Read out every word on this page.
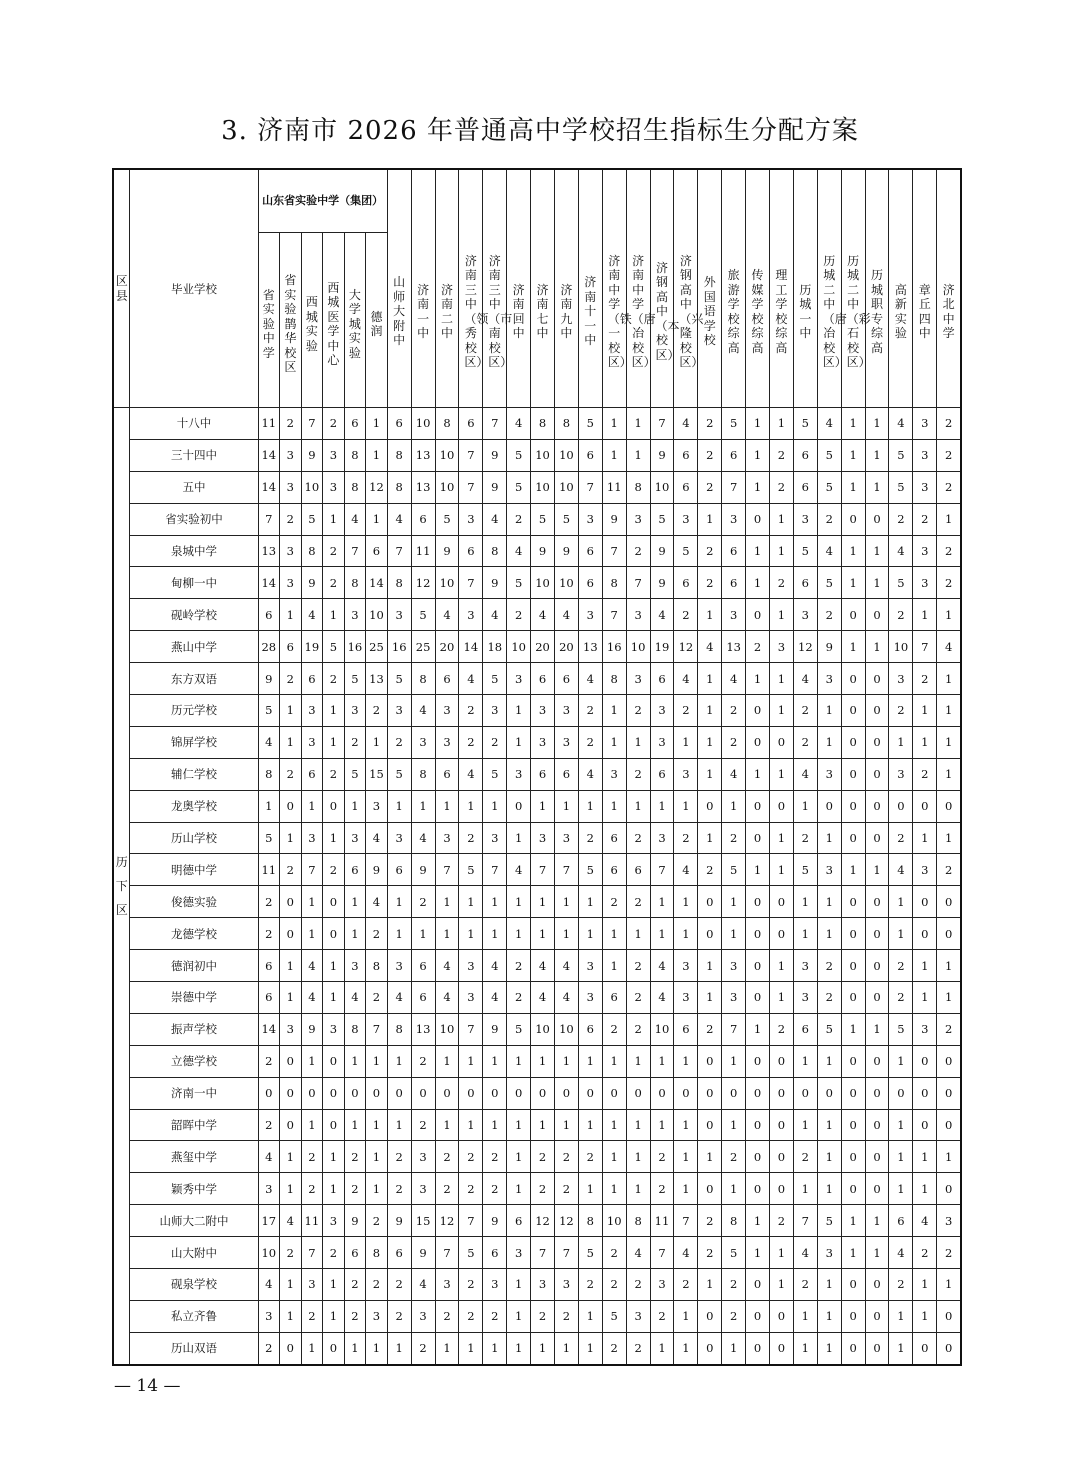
3. 济南市 2026 年普通高中学校招生指标生分配方案
区县	毕业学校	山东省实验中学（集团）						山师大附中	济南一中	济南二中	济南三中（领秀校区）	济南三中（市南校区）	济南回中	济南七中	济南九中	济南十一中	济南中学（铁一校区）	济南中学（唐冶校区）	济钢高中（本校区）	济钢高中（兴隆校区）	外国语学校	旅游学校综高	传媒学校综高	理工学校综高	历城一中	历城二中（唐冶校区）	历城二中（彩石校区）	历城职专综高	高新实验	章丘四中	济北中学
		省实验中学	省实验鹊华校区	西城实验	西城医学中心	大学城实验	德润																								
历下区	十八中	11	2	7	2	6	1	6	10	8	6	7	4	8	8	5	1	1	7	4	2	5	1	1	5	4	1	1	4	3	2
	三十四中	14	3	9	3	8	1	8	13	10	7	9	5	10	10	6	1	1	9	6	2	6	1	2	6	5	1	1	5	3	2
	五中	14	3	10	3	8	12	8	13	10	7	9	5	10	10	7	11	8	10	6	2	7	1	2	6	5	1	1	5	3	2
	省实验初中	7	2	5	1	4	1	4	6	5	3	4	2	5	5	3	9	3	5	3	1	3	0	1	3	2	0	0	2	2	1
	泉城中学	13	3	8	2	7	6	7	11	9	6	8	4	9	9	6	7	2	9	5	2	6	1	1	5	4	1	1	4	3	2
	甸柳一中	14	3	9	2	8	14	8	12	10	7	9	5	10	10	6	8	7	9	6	2	6	1	2	6	5	1	1	5	3	2
	砚岭学校	6	1	4	1	3	10	3	5	4	3	4	2	4	4	3	7	3	4	2	1	3	0	1	3	2	0	0	2	1	1
	燕山中学	28	6	19	5	16	25	16	25	20	14	18	10	20	20	13	16	10	19	12	4	13	2	3	12	9	1	1	10	7	4
	东方双语	9	2	6	2	5	13	5	8	6	4	5	3	6	6	4	8	3	6	4	1	4	1	1	4	3	0	0	3	2	1
	历元学校	5	1	3	1	3	2	3	4	3	2	3	1	3	3	2	1	2	3	2	1	2	0	1	2	1	0	0	2	1	1
	锦屏学校	4	1	3	1	2	1	2	3	3	2	2	1	3	3	2	1	1	3	1	1	2	0	0	2	1	0	0	1	1	1
	辅仁学校	8	2	6	2	5	15	5	8	6	4	5	3	6	6	4	3	2	6	3	1	4	1	1	4	3	0	0	3	2	1
	龙奥学校	1	0	1	0	1	3	1	1	1	1	1	0	1	1	1	1	1	1	1	0	1	0	0	1	0	0	0	0	0	0
	历山学校	5	1	3	1	3	4	3	4	3	2	3	1	3	3	2	6	2	3	2	1	2	0	1	2	1	0	0	2	1	1
	明德中学	11	2	7	2	6	9	6	9	7	5	7	4	7	7	5	6	6	7	4	2	5	1	1	5	3	1	1	4	3	2
	俊德实验	2	0	1	0	1	4	1	2	1	1	1	1	1	1	1	2	2	1	1	0	1	0	0	1	1	0	0	1	0	0
	龙德学校	2	0	1	0	1	2	1	1	1	1	1	1	1	1	1	1	1	1	1	0	1	0	0	1	1	0	0	1	0	0
	德润初中	6	1	4	1	3	8	3	6	4	3	4	2	4	4	3	1	2	4	3	1	3	0	1	3	2	0	0	2	1	1
	崇德中学	6	1	4	1	4	2	4	6	4	3	4	2	4	4	3	6	2	4	3	1	3	0	1	3	2	0	0	2	1	1
	振声学校	14	3	9	3	8	7	8	13	10	7	9	5	10	10	6	2	2	10	6	2	7	1	2	6	5	1	1	5	3	2
	立德学校	2	0	1	0	1	1	1	2	1	1	1	1	1	1	1	1	1	1	1	0	1	0	0	1	1	0	0	1	0	0
	济南一中	0	0	0	0	0	0	0	0	0	0	0	0	0	0	0	0	0	0	0	0	0	0	0	0	0	0	0	0	0	0
	韶晖中学	2	0	1	0	1	1	1	2	1	1	1	1	1	1	1	1	1	1	1	0	1	0	0	1	1	0	0	1	0	0
	燕玺中学	4	1	2	1	2	1	2	3	2	2	2	1	2	2	2	1	1	2	1	1	2	0	0	2	1	0	0	1	1	1
	颖秀中学	3	1	2	1	2	1	2	3	2	2	2	1	2	2	1	1	1	2	1	0	1	0	0	1	1	0	0	1	1	0
	山师大二附中	17	4	11	3	9	2	9	15	12	7	9	6	12	12	8	10	8	11	7	2	8	1	2	7	5	1	1	6	4	3
	山大附中	10	2	7	2	6	8	6	9	7	5	6	3	7	7	5	2	4	7	4	2	5	1	1	4	3	1	1	4	2	2
	砚泉学校	4	1	3	1	2	2	2	4	3	2	3	1	3	3	2	2	2	3	2	1	2	0	1	2	1	0	0	2	1	1
	私立齐鲁	3	1	2	1	2	3	2	3	2	2	2	1	2	2	1	5	3	2	1	0	2	0	0	1	1	0	0	1	1	0
	历山双语	2	0	1	0	1	1	1	2	1	1	1	1	1	1	1	2	2	1	1	0	1	0	0	1	1	0	0	1	0	0
— 14 —
